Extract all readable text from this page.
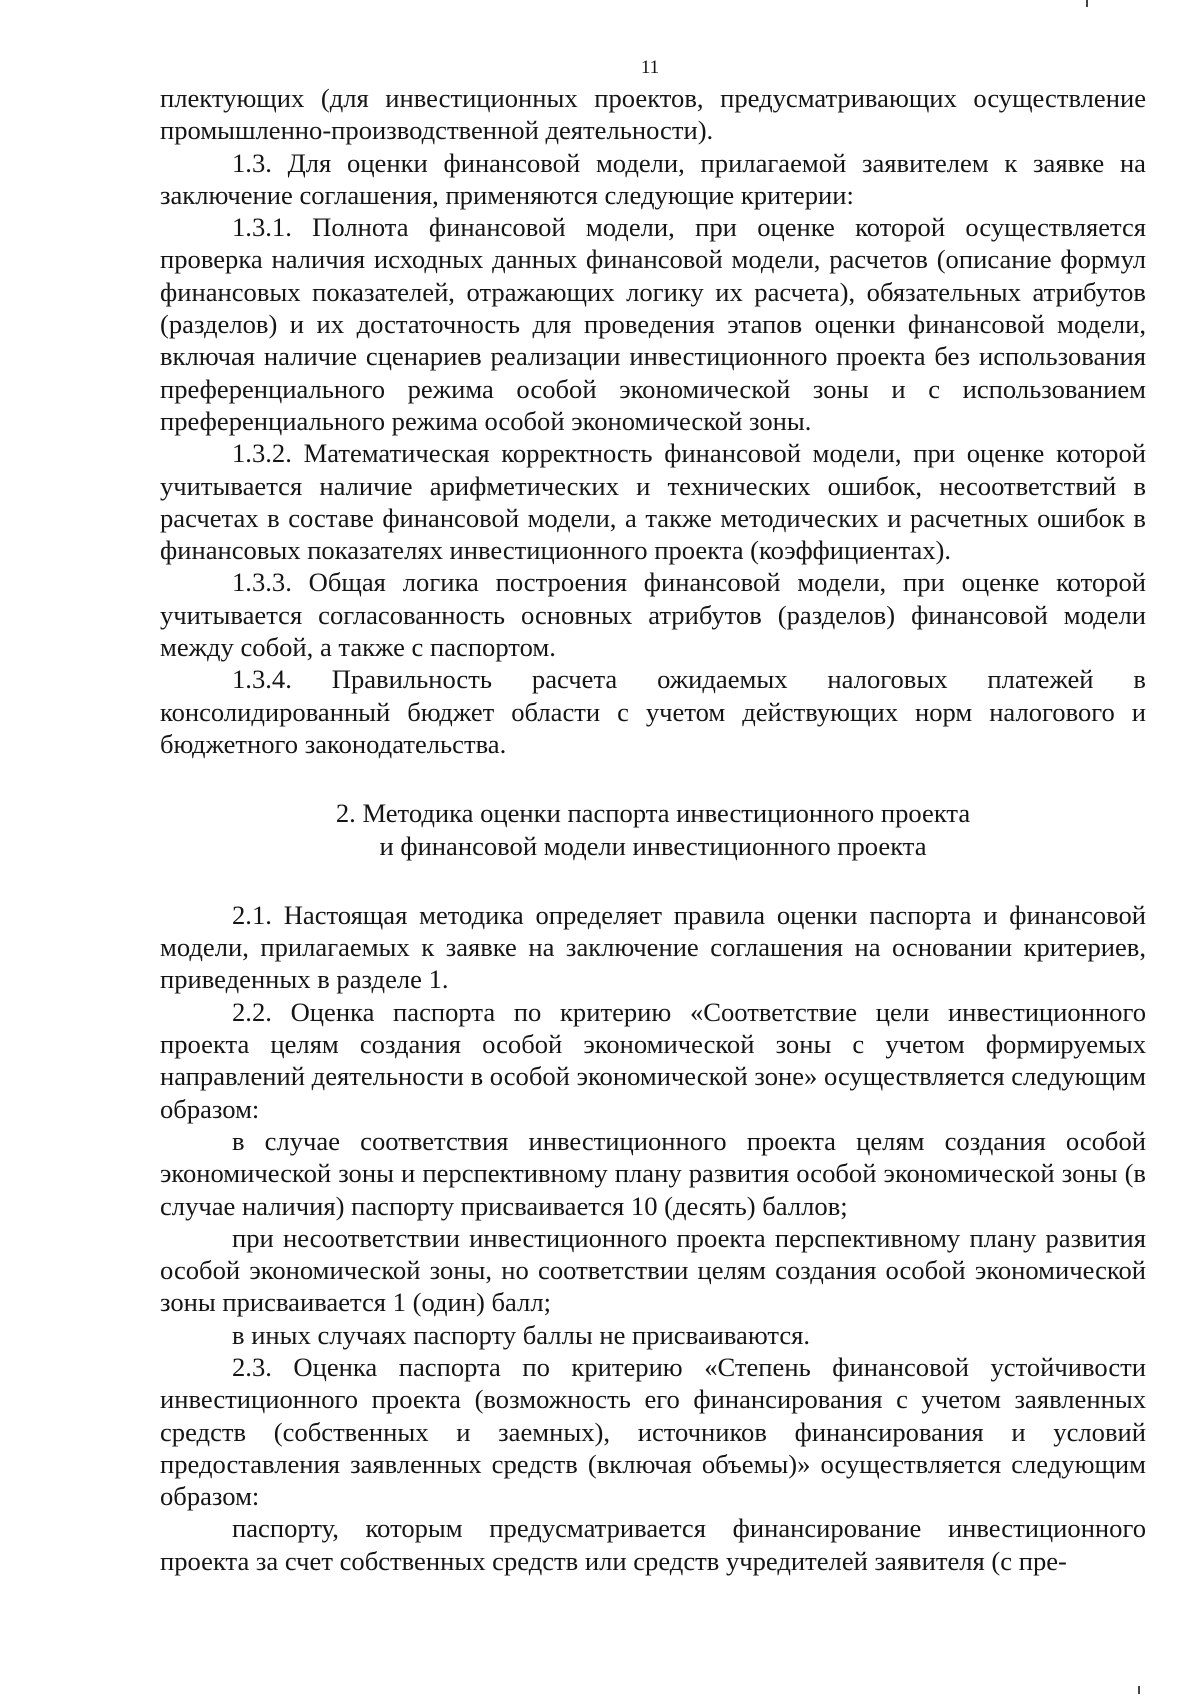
11

плектующих (для инвестиционных проектов, предусматривающих осуществление промышленно-производственной деятельности).

1.3. Для оценки финансовой модели, прилагаемой заявителем к заявке на заключение соглашения, применяются следующие критерии:

1.3.1. Полнота финансовой модели, при оценке которой осуществляется проверка наличия исходных данных финансовой модели, расчетов (описание формул финансовых показателей, отражающих логику их расчета), обязательных атрибутов (разделов) и их достаточность для проведения этапов оценки финансовой модели, включая наличие сценариев реализации инвестиционного проекта без использования преференциального режима особой экономической зоны и с использованием преференциального режима особой экономической зоны.

1.3.2. Математическая корректность финансовой модели, при оценке которой учитывается наличие арифметических и технических ошибок, несоответствий в расчетах в составе финансовой модели, а также методических и расчетных ошибок в финансовых показателях инвестиционного проекта (коэффициентах).

1.3.3. Общая логика построения финансовой модели, при оценке которой учитывается согласованность основных атрибутов (разделов) финансовой модели между собой, а также с паспортом.

1.3.4. Правильность расчета ожидаемых налоговых платежей в консолидированный бюджет области с учетом действующих норм налогового и бюджетного законодательства.

2. Методика оценки паспорта инвестиционного проекта
и финансовой модели инвестиционного проекта

2.1. Настоящая методика определяет правила оценки паспорта и финансовой модели, прилагаемых к заявке на заключение соглашения на основании критериев, приведенных в разделе 1.

2.2. Оценка паспорта по критерию «Соответствие цели инвестиционного проекта целям создания особой экономической зоны с учетом формируемых направлений деятельности в особой экономической зоне» осуществляется следующим образом:

в случае соответствия инвестиционного проекта целям создания особой экономической зоны и перспективному плану развития особой экономической зоны (в случае наличия) паспорту присваивается 10 (десять) баллов;

при несоответствии инвестиционного проекта перспективному плану развития особой экономической зоны, но соответствии целям создания особой экономической зоны присваивается 1 (один) балл;

в иных случаях паспорту баллы не присваиваются.

2.3. Оценка паспорта по критерию «Степень финансовой устойчивости инвестиционного проекта (возможность его финансирования с учетом заявленных средств (собственных и заемных), источников финансирования и условий предоставления заявленных средств (включая объемы)» осуществляется следующим образом:

паспорту, которым предусматривается финансирование инвестиционного проекта за счет собственных средств или средств учредителей заявителя (с пре-
